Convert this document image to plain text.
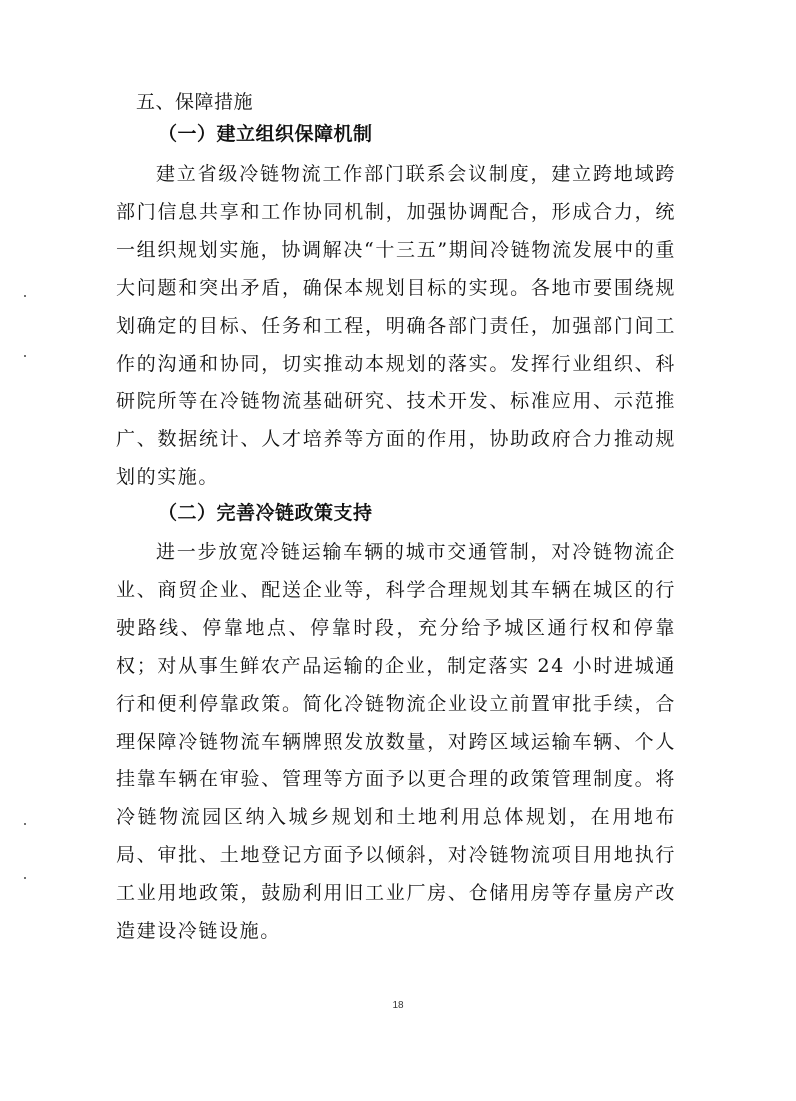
五、保障措施
（一）建立组织保障机制
建立省级冷链物流工作部门联系会议制度，建立跨地域跨部门信息共享和工作协同机制，加强协调配合，形成合力，统一组织规划实施，协调解决“十三五”期间冷链物流发展中的重大问题和突出矛盾，确保本规划目标的实现。各地市要围绕规划确定的目标、任务和工程，明确各部门责任，加强部门间工作的沟通和协同，切实推动本规划的落实。发挥行业组织、科研院所等在冷链物流基础研究、技术开发、标准应用、示范推广、数据统计、人才培养等方面的作用，协助政府合力推动规划的实施。
（二）完善冷链政策支持
进一步放宽冷链运输车辆的城市交通管制，对冷链物流企业、商贸企业、配送企业等，科学合理规划其车辆在城区的行驶路线、停靠地点、停靠时段，充分给予城区通行权和停靠权；对从事生鲜农产品运输的企业，制定落实 24 小时进城通行和便利停靠政策。简化冷链物流企业设立前置审批手续，合理保障冷链物流车辆牌照发放数量，对跨区域运输车辆、个人挂靠车辆在审验、管理等方面予以更合理的政策管理制度。将冷链物流园区纳入城乡规划和土地利用总体规划，在用地布局、审批、土地登记方面予以倾斜，对冷链物流项目用地执行工业用地政策，鼓励利用旧工业厂房、仓储用房等存量房产改造建设冷链设施。
18
